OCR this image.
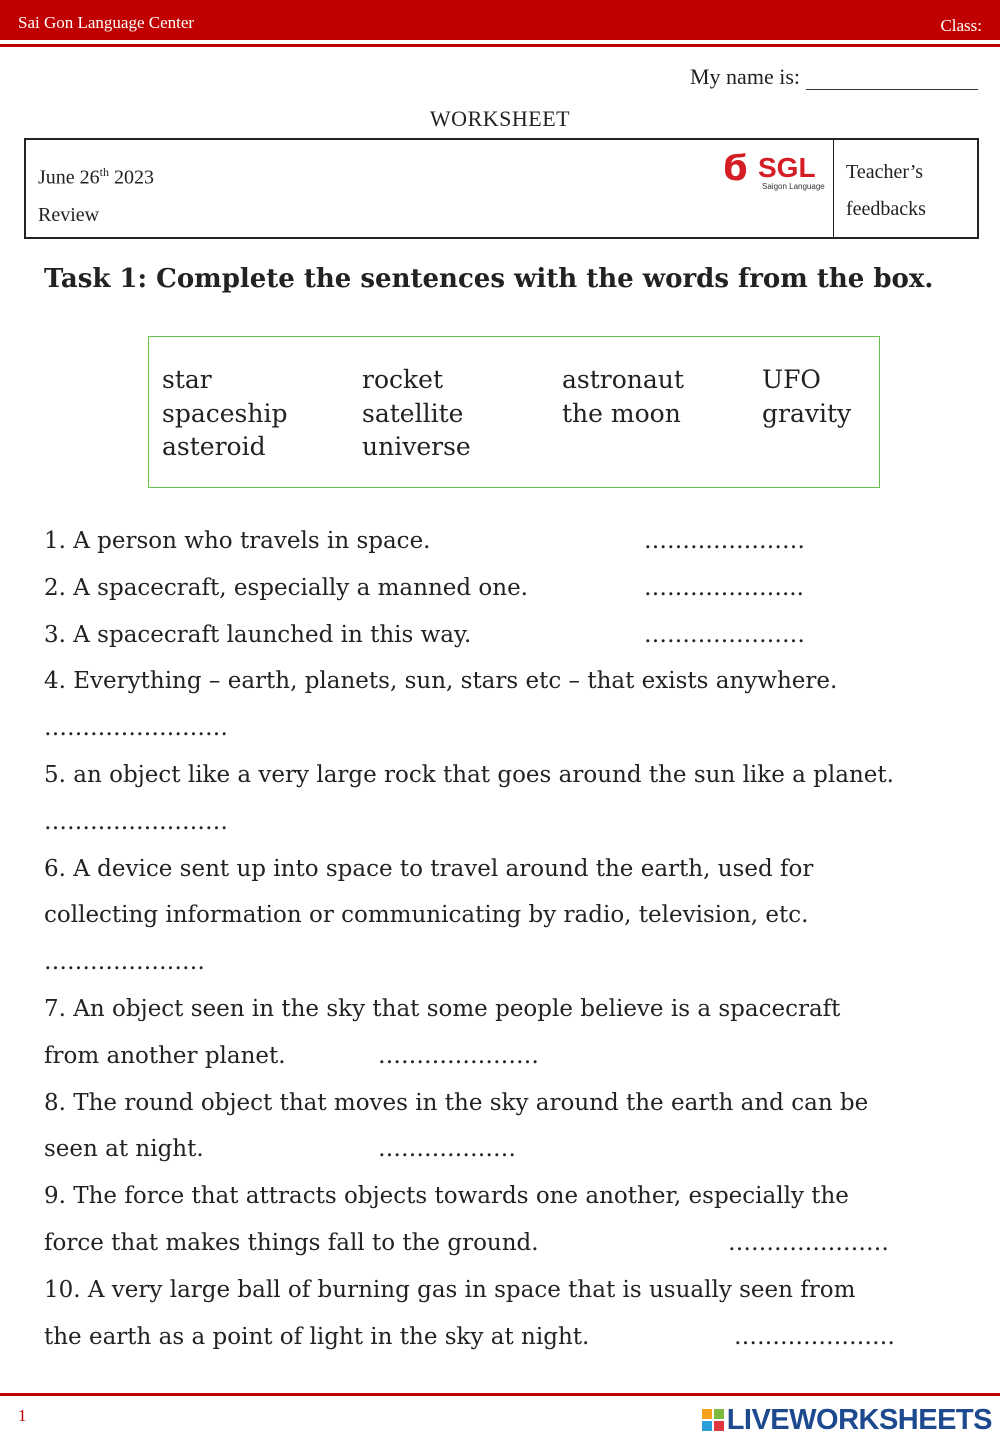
Sai Gon Language Center	Class:
My name is:
WORKSHEET
June 26th 2023
Review
ϭ SGL
Saigon Language
Teacher’s
feedbacks
Task 1: Complete the sentences with the words from the box.
star	rocket	astronaut	UFO
spaceship	satellite	the moon	gravity
asteroid	universe
1. A person who travels in space.	…………………
2. A spacecraft, especially a manned one.	………………...
3. A spacecraft launched in this way.	…………………
4. Everything – earth, planets, sun, stars etc – that exists anywhere.
……………………
5. an object like a very large rock that goes around the sun like a planet.
……………………
6. A device sent up into space to travel around the earth, used for
collecting information or communicating by radio, television, etc.
…………………
7. An object seen in the sky that some people believe is a spacecraft
from another planet.	…………………
8. The round object that moves in the sky around the earth and can be
seen at night.	………………
9. The force that attracts objects towards one another, especially the
force that makes things fall to the ground.	…………………
10. A very large ball of burning gas in space that is usually seen from
the earth as a point of light in the sky at night.	…………………
1	LIVEWORKSHEETS
